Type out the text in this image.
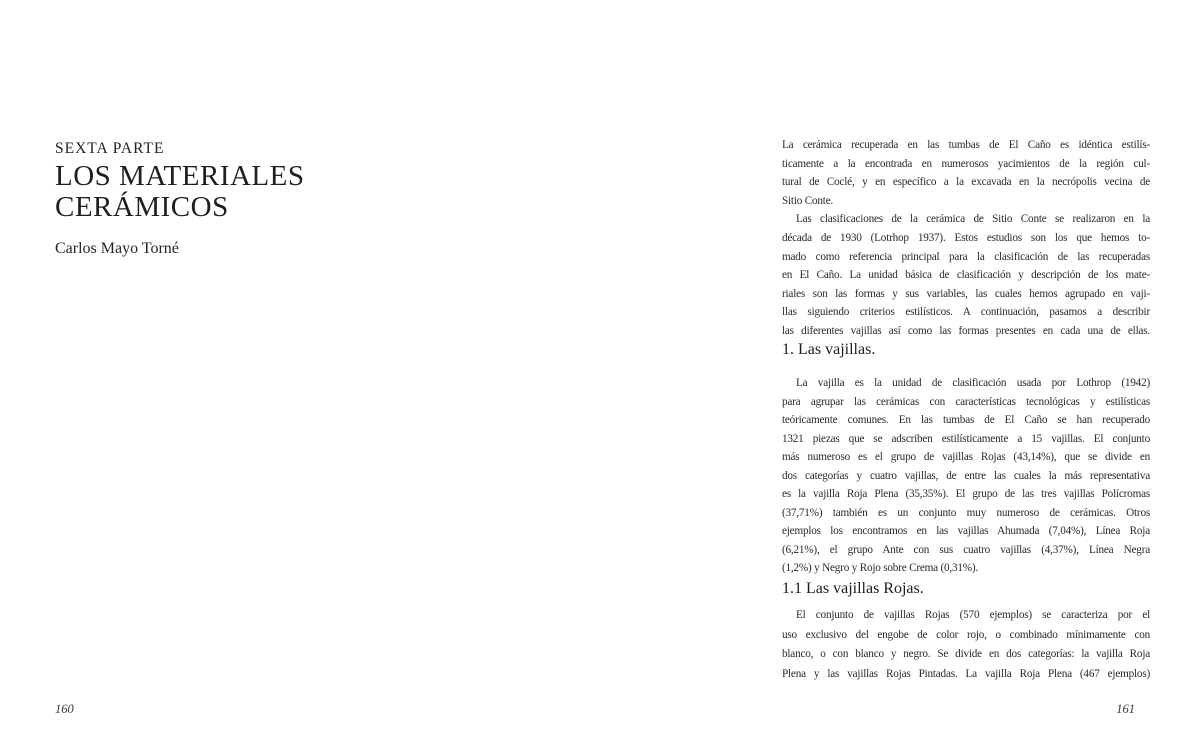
SEXTA PARTE
LOS MATERIALES
CERÁMICOS
Carlos Mayo Torné
160
La cerámica recuperada en las tumbas de El Caño es idéntica estilís-
ticamente a la encontrada en numerosos yacimientos de la región cul-
tural de Coclé, y en específico a la excavada en la necrópolis vecina de
Sitio Conte.
Las clasificaciones de la cerámica de Sitio Conte se realizaron en la
década de 1930 (Lotrhop 1937). Estos estudios son los que hemos to-
mado como referencia principal para la clasificación de las recuperadas
en El Caño. La unidad básica de clasificación y descripción de los mate-
riales son las formas y sus variables, las cuales hemos agrupado en vaji-
llas siguiendo criterios estilísticos. A continuación, pasamos a describir
las diferentes vajillas así como las formas presentes en cada una de ellas.
1. Las vajillas.
La vajilla es la unidad de clasificación usada por Lothrop (1942)
para agrupar las cerámicas con características tecnológicas y estilísticas
teóricamente comunes. En las tumbas de El Caño se han recuperado
1321 piezas que se adscriben estilísticamente a 15 vajillas. El conjunto
más numeroso es el grupo de vajillas Rojas (43,14%), que se divide en
dos categorías y cuatro vajillas, de entre las cuales la más representativa
es la vajilla Roja Plena (35,35%). El grupo de las tres vajillas Polícromas
(37,71%) también es un conjunto muy numeroso de cerámicas. Otros
ejemplos los encontramos en las vajillas Ahumada (7,04%), Línea Roja
(6,21%), el grupo Ante con sus cuatro vajillas (4,37%), Línea Negra
(1,2%) y Negro y Rojo sobre Crema (0,31%).
1.1 Las vajillas Rojas.
El conjunto de vajillas Rojas (570 ejemplos) se caracteriza por el
uso exclusivo del engobe de color rojo, o combinado mínimamente con
blanco, o con blanco y negro. Se divide en dos categorías: la vajilla Roja
Plena y las vajillas Rojas Pintadas. La vajilla Roja Plena (467 ejemplos)
161
